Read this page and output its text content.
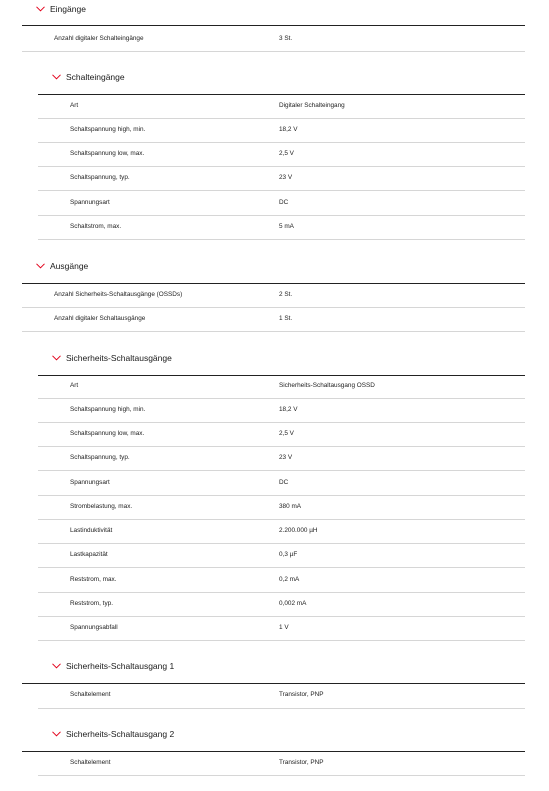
Eingänge
Anzahl digitaler Schalteingänge	3 St.
Schalteingänge
Art	Digitaler Schalteingang
Schaltspannung high, min.	18,2 V
Schaltspannung low, max.	2,5 V
Schaltspannung, typ.	23 V
Spannungsart	DC
Schaltstrom, max.	5 mA
Ausgänge
Anzahl Sicherheits-Schaltausgänge (OSSDs)	2 St.
Anzahl digitaler Schaltausgänge	1 St.
Sicherheits-Schaltausgänge
Art	Sicherheits-Schaltausgang OSSD
Schaltspannung high, min.	18,2 V
Schaltspannung low, max.	2,5 V
Schaltspannung, typ.	23 V
Spannungsart	DC
Strombelastung, max.	380 mA
Lastinduktivität	2.200.000 µH
Lastkapazität	0,3 µF
Reststrom, max.	0,2 mA
Reststrom, typ.	0,002 mA
Spannungsabfall	1 V
Sicherheits-Schaltausgang 1
Schaltelement	Transistor, PNP
Sicherheits-Schaltausgang 2
Schaltelement	Transistor, PNP
